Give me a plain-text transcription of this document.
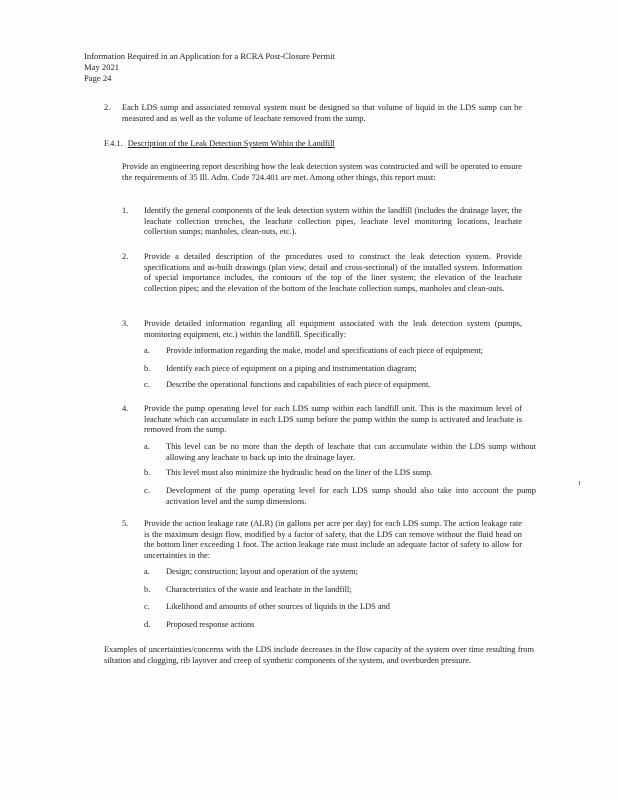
Information Required in an Application for a RCRA Post-Closure Permit
May 2021
Page 24
2. Each LDS sump and associated removal system must be designed so that volume of liquid in the LDS sump can be measured and as well as the volume of leachate removed from the sump.
F.4.1. Description of the Leak Detection System Within the Landfill
Provide an engineering report describing how the leak detection system was constructed and will be operated to ensure the requirements of 35 Ill. Adm. Code 724.401 are met. Among other things, this report must:
1. Identify the general components of the leak detection system within the landfill (includes the drainage layer, the leachate collection trenches, the leachate collection pipes, leachate level monitoring locations, leachate collection sumps; manholes, clean-outs, etc.).
2. Provide a detailed description of the procedures used to construct the leak detection system. Provide specifications and as-built drawings (plan view, detail and cross-sectional) of the installed system. Information of special importance includes, the contours of the top of the liner system; the elevation of the leachate collection pipes; and the elevation of the bottom of the leachate collection sumps, manholes and clean-outs.
3. Provide detailed information regarding all equipment associated with the leak detection system (pumps, monitoring equipment, etc.) within the landfill. Specifically:
a. Provide information regarding the make, model and specifications of each piece of equipment;
b. Identify each piece of equipment on a piping and instrumentation diagram;
c. Describe the operational functions and capabilities of each piece of equipment.
4. Provide the pump operating level for each LDS sump within each landfill unit. This is the maximum level of leachate which can accumulate in each LDS sump before the pump within the sump is activated and leachate is removed from the sump.
a. This level can be no more than the depth of leachate that can accumulate within the LDS sump without allowing any leachate to back up into the drainage layer.
b. This level must also minimize the hydraulic head on the liner of the LDS sump.
c. Development of the pump operating level for each LDS sump should also take into account the pump activation level and the sump dimensions.
5. Provide the action leakage rate (ALR) (in gallons per acre per day) for each LDS sump. The action leakage rate is the maximum design flow, modified by a factor of safety, that the LDS can remove without the fluid head on the bottom liner exceeding 1 foot. The action leakage rate must include an adequate factor of safety to allow for uncertainties in the:
a. Design; construction; layout and operation of the system;
b. Characteristics of the waste and leachate in the landfill;
c. Likelihood and amounts of other sources of liquids in the LDS and
d. Proposed response actions
Examples of uncertainties/concerns with the LDS include decreases in the flow capacity of the system over time resulting from siltation and clogging, rib layover and creep of synthetic components of the system, and overburden pressure.
